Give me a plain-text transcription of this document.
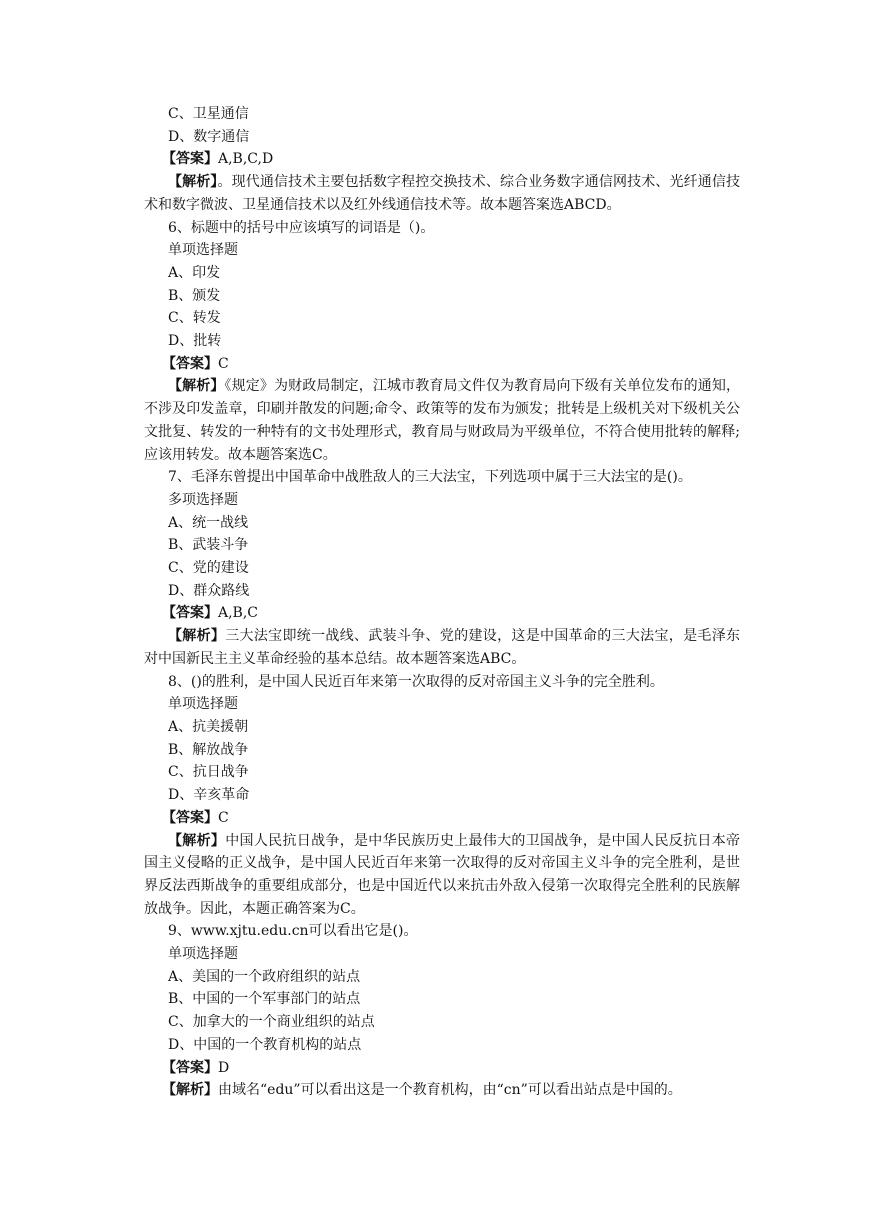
C、卫星通信
D、数字通信
【答案】A,B,C,D
【解析】。现代通信技术主要包括数字程控交换技术、综合业务数字通信网技术、光纤通信技术和数字微波、卫星通信技术以及红外线通信技术等。故本题答案选ABCD。
6、标题中的括号中应该填写的词语是（)。
单项选择题
A、印发
B、颁发
C、转发
D、批转
【答案】C
【解析】《规定》为财政局制定，江城市教育局文件仅为教育局向下级有关单位发布的通知，不涉及印发盖章，印刷并散发的问题;命令、政策等的发布为颁发；批转是上级机关对下级机关公文批复、转发的一种特有的文书处理形式，教育局与财政局为平级单位，不符合使用批转的解释;应该用转发。故本题答案选C。
7、毛泽东曾提出中国革命中战胜敌人的三大法宝，下列选项中属于三大法宝的是()。
多项选择题
A、统一战线
B、武装斗争
C、党的建设
D、群众路线
【答案】A,B,C
【解析】三大法宝即统一战线、武装斗争、党的建设，这是中国革命的三大法宝，是毛泽东对中国新民主主义革命经验的基本总结。故本题答案选ABC。
8、()的胜利，是中国人民近百年来第一次取得的反对帝国主义斗争的完全胜利。
单项选择题
A、抗美援朝
B、解放战争
C、抗日战争
D、辛亥革命
【答案】C
【解析】中国人民抗日战争，是中华民族历史上最伟大的卫国战争，是中国人民反抗日本帝国主义侵略的正义战争，是中国人民近百年来第一次取得的反对帝国主义斗争的完全胜利，是世界反法西斯战争的重要组成部分，也是中国近代以来抗击外敌入侵第一次取得完全胜利的民族解放战争。因此，本题正确答案为C。
9、www.xjtu.edu.cn可以看出它是()。
单项选择题
A、美国的一个政府组织的站点
B、中国的一个军事部门的站点
C、加拿大的一个商业组织的站点
D、中国的一个教育机构的站点
【答案】D
【解析】由域名“edu”可以看出这是一个教育机构，由“cn”可以看出站点是中国的。
